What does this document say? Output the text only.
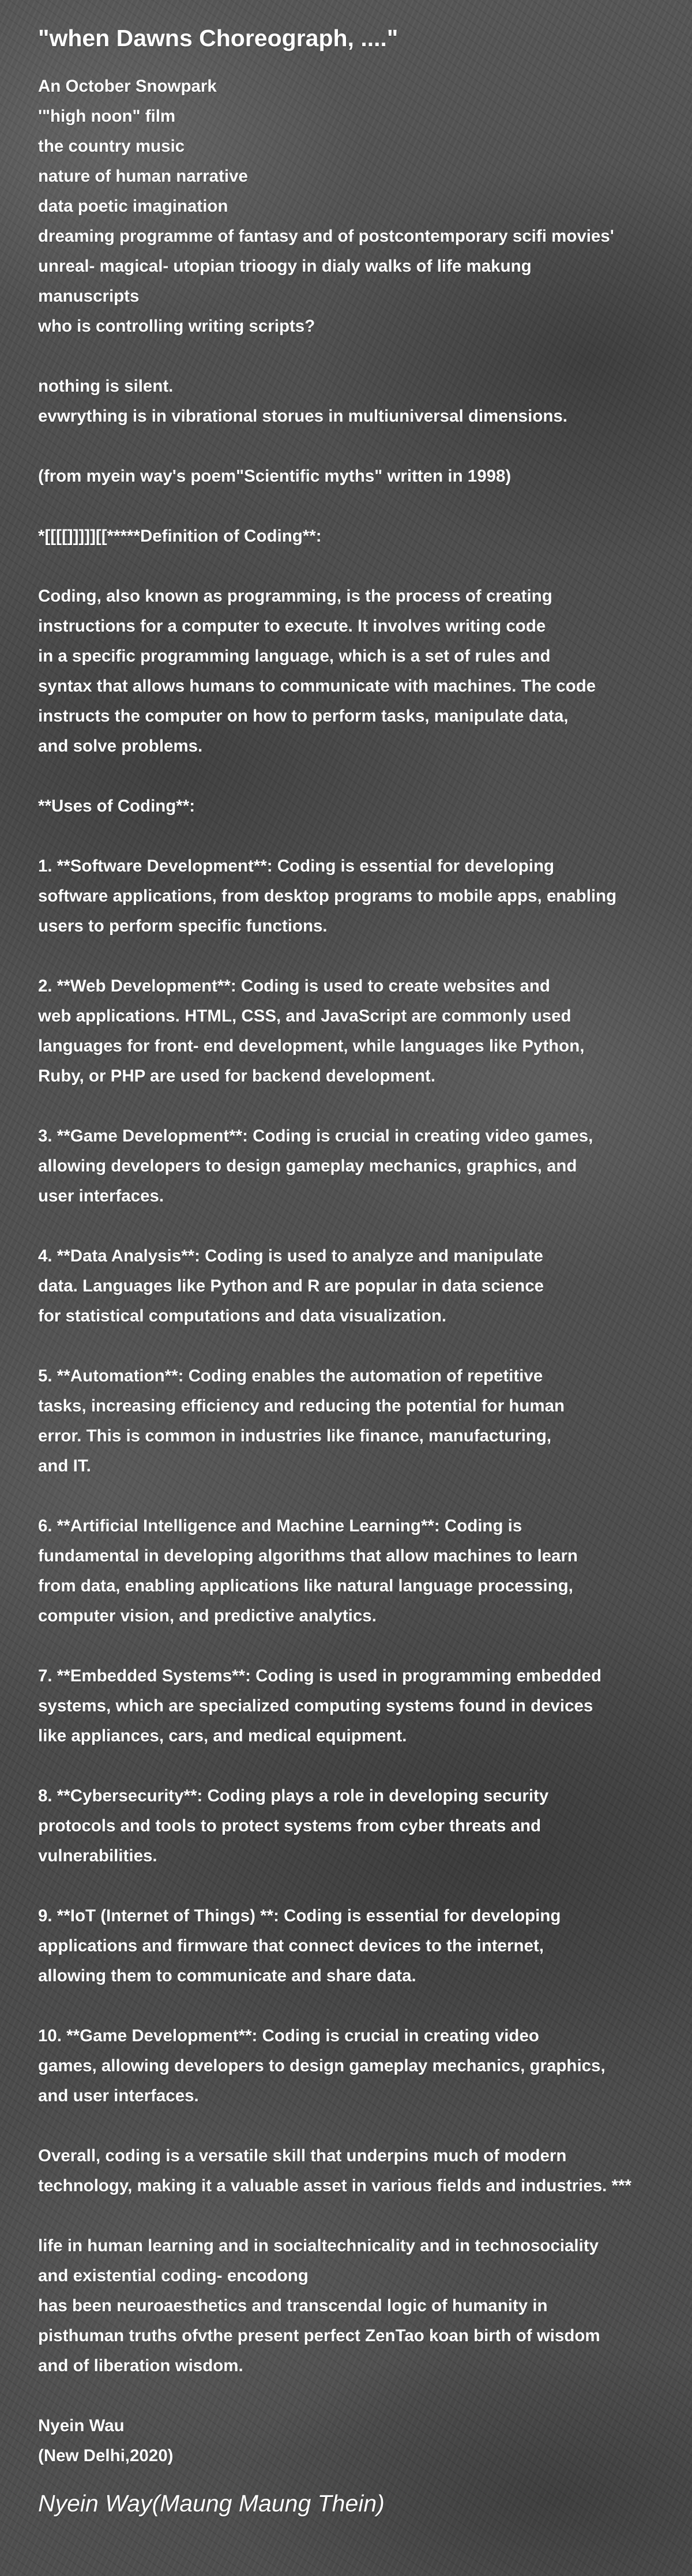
"when Dawns Choreograph, ...."
An October Snowpark
'"high noon" film
the country music
nature of human narrative
data poetic imagination
dreaming programme of fantasy and of postcontemporary scifi movies'
unreal- magical- utopian trioogy in dialy walks of life makung
manuscripts
who is controlling writing scripts?
nothing is silent.
evwrything is in vibrational storues in multiuniversal dimensions.
(from myein way's poem"Scientific myths" written in 1998)
*[[[[]]]]][[*****Definition of Coding**:
Coding, also known as programming, is the process of creating
instructions for a computer to execute. It involves writing code
in a specific programming language, which is a set of rules and
syntax that allows humans to communicate with machines. The code
instructs the computer on how to perform tasks, manipulate data,
and solve problems.
**Uses of Coding**:
1. **Software Development**: Coding is essential for developing
software applications, from desktop programs to mobile apps, enabling
users to perform specific functions.
2. **Web Development**: Coding is used to create websites and
web applications. HTML, CSS, and JavaScript are commonly used
languages for front- end development, while languages like Python,
Ruby, or PHP are used for backend development.
3. **Game Development**: Coding is crucial in creating video games,
allowing developers to design gameplay mechanics, graphics, and
user interfaces.
4. **Data Analysis**: Coding is used to analyze and manipulate
data. Languages like Python and R are popular in data science
for statistical computations and data visualization.
5. **Automation**: Coding enables the automation of repetitive
tasks, increasing efficiency and reducing the potential for human
error. This is common in industries like finance, manufacturing,
and IT.
6. **Artificial Intelligence and Machine Learning**: Coding is
fundamental in developing algorithms that allow machines to learn
from data, enabling applications like natural language processing,
computer vision, and predictive analytics.
7. **Embedded Systems**: Coding is used in programming embedded
systems, which are specialized computing systems found in devices
like appliances, cars, and medical equipment.
8. **Cybersecurity**: Coding plays a role in developing security
protocols and tools to protect systems from cyber threats and
vulnerabilities.
9. **IoT (Internet of Things) **: Coding is essential for developing
applications and firmware that connect devices to the internet,
allowing them to communicate and share data.
10. **Game Development**: Coding is crucial in creating video
games, allowing developers to design gameplay mechanics, graphics,
and user interfaces.
Overall, coding is a versatile skill that underpins much of modern
technology, making it a valuable asset in various fields and industries. ***
life in human learning and in socialtechnicality and in technosociality
and existential coding- encodong
has been neuroaesthetics and transcendal logic of humanity in
pisthuman truths ofvthe present perfect ZenTao koan birth of wisdom
and of liberation wisdom.
Nyein Wau
(New Delhi,2020)
Nyein Way(Maung Maung Thein)
